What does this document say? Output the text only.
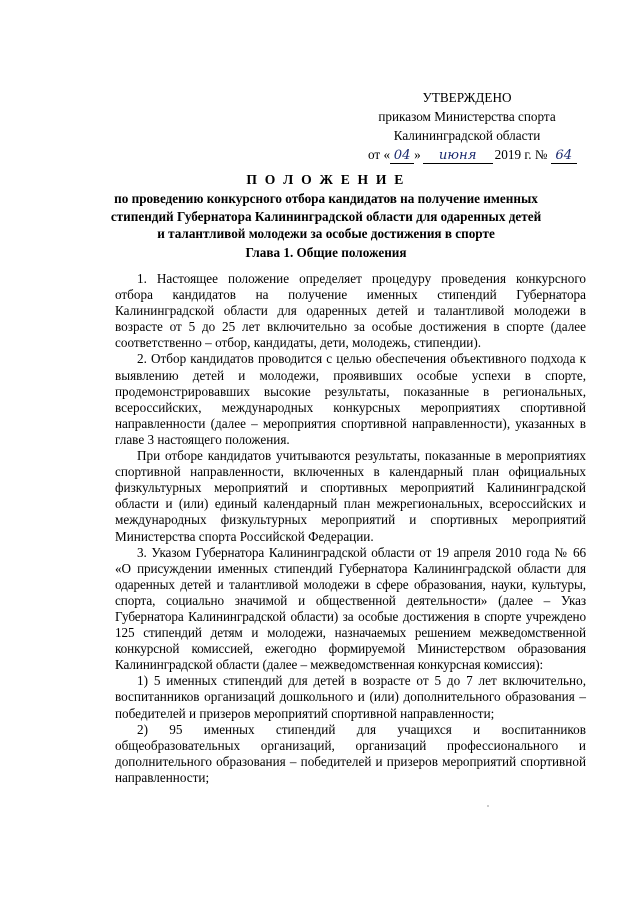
УТВЕРЖДЕНО
приказом Министерства спорта
Калининградской области
от « 04 » июня 2019 г. № 64
П О Л О Ж Е Н И Е
по проведению конкурсного отбора кандидатов на получение именных
стипендий Губернатора Калининградской области для одаренных детей
и талантливой молодежи за особые достижения в спорте
Глава 1. Общие положения

1. Настоящее положение определяет процедуру проведения конкурсного отбора кандидатов на получение именных стипендий Губернатора Калининградской области для одаренных детей и талантливой молодежи в возрасте от 5 до 25 лет включительно за особые достижения в спорте (далее соответственно – отбор, кандидаты, дети, молодежь, стипендии).

2. Отбор кандидатов проводится с целью обеспечения объективного подхода к выявлению детей и молодежи, проявивших особые успехи в спорте, продемонстрировавших высокие результаты, показанные в региональных, всероссийских, международных конкурсных мероприятиях спортивной направленности (далее – мероприятия спортивной направленности), указанных в главе 3 настоящего положения.

При отборе кандидатов учитываются результаты, показанные в мероприятиях спортивной направленности, включенных в календарный план официальных физкультурных мероприятий и спортивных мероприятий Калининградской области и (или) единый календарный план межрегиональных, всероссийских и международных физкультурных мероприятий и спортивных мероприятий Министерства спорта Российской Федерации.

3. Указом Губернатора Калининградской области от 19 апреля 2010 года № 66 «О присуждении именных стипендий Губернатора Калининградской области для одаренных детей и талантливой молодежи в сфере образования, науки, культуры, спорта, социально значимой и общественной деятельности» (далее – Указ Губернатора Калининградской области) за особые достижения в спорте учреждено 125 стипендий детям и молодежи, назначаемых решением межведомственной конкурсной комиссией, ежегодно формируемой Министерством образования Калининградской области (далее – межведомственная конкурсная комиссия):

1) 5 именных стипендий для детей в возрасте от 5 до 7 лет включительно, воспитанников организаций дошкольного и (или) дополнительного образования – победителей и призеров мероприятий спортивной направленности;

2) 95 именных стипендий для учащихся и воспитанников общеобразовательных организаций, организаций профессионального и дополнительного образования – победителей и призеров мероприятий спортивной направленности;
